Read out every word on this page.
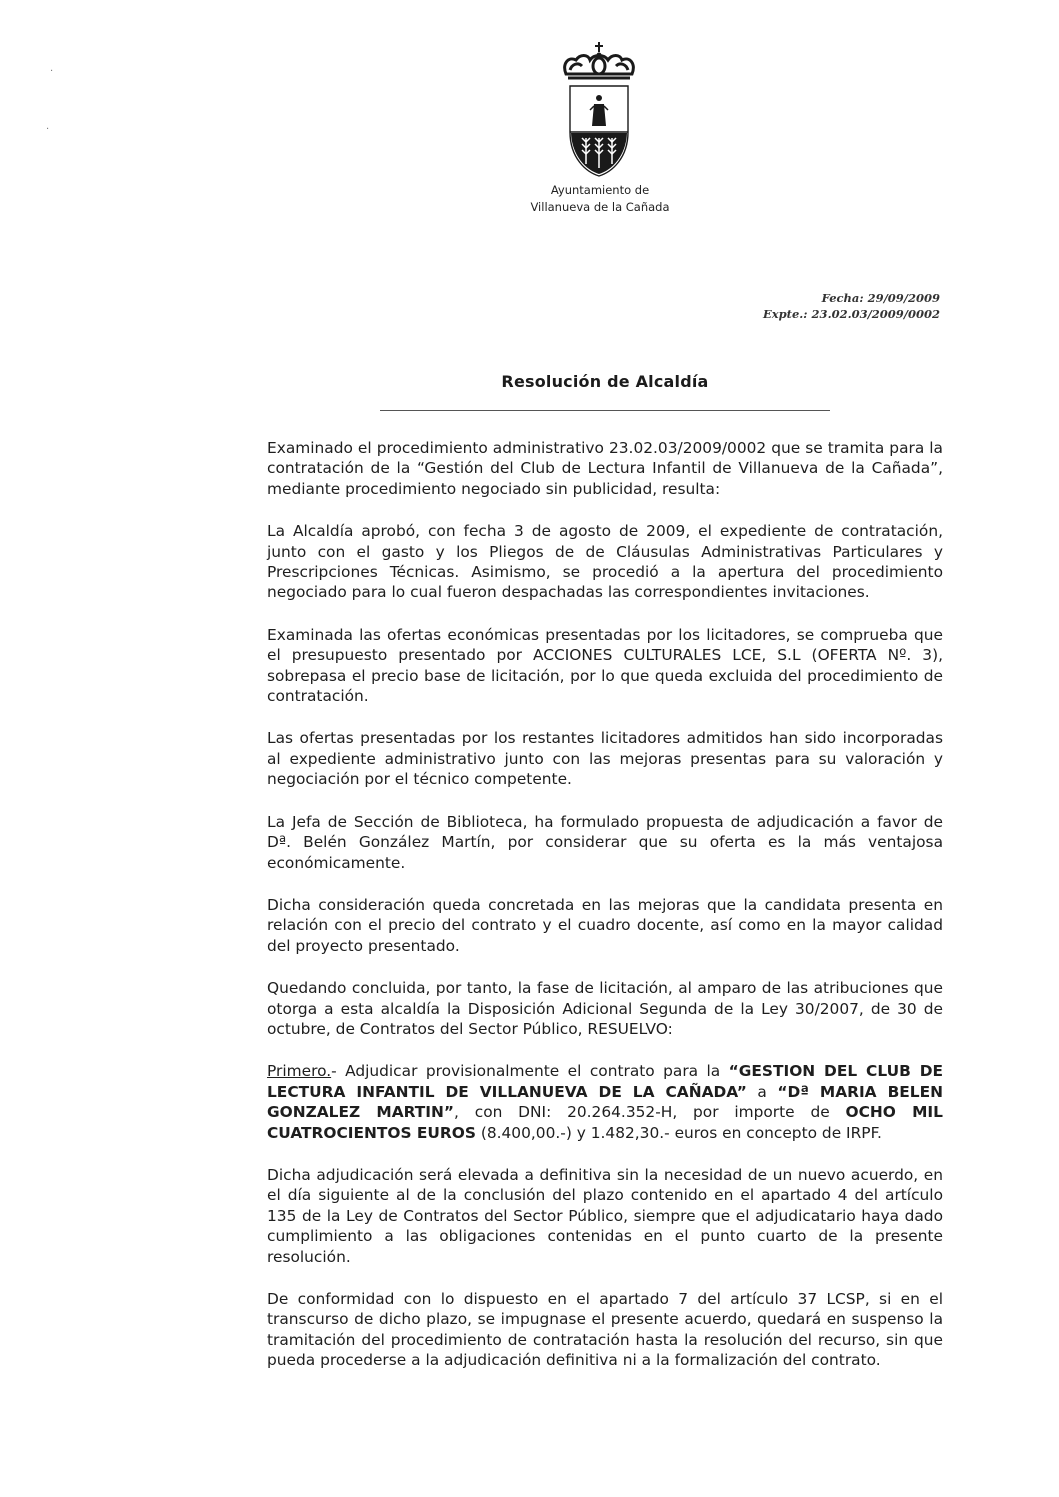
·
·
Ayuntamiento de
Villanueva de la Cañada
Fecha: 29/09/2009
Expte.: 23.02.03/2009/0002
Resolución de Alcaldía

Examinado el procedimiento administrativo 23.02.03/2009/0002 que se tramita para la contratación de la “Gestión del Club de Lectura Infantil de Villanueva de la Cañada”, mediante procedimiento negociado sin publicidad, resulta:

La Alcaldía aprobó, con fecha 3 de agosto de 2009, el expediente de contratación, junto con el gasto y los Pliegos de de Cláusulas Administrativas Particulares y Prescripciones Técnicas. Asimismo, se procedió a la apertura del procedimiento negociado para lo cual fueron despachadas las correspondientes invitaciones.

Examinada las ofertas económicas presentadas por los licitadores, se comprueba que el presupuesto presentado por ACCIONES CULTURALES LCE, S.L (OFERTA Nº. 3), sobrepasa el precio base de licitación, por lo que queda excluida del procedimiento de contratación.

Las ofertas presentadas por los restantes licitadores admitidos han sido incorporadas al expediente administrativo junto con las mejoras presentas para su valoración y negociación por el técnico competente.

La Jefa de Sección de Biblioteca, ha formulado propuesta de adjudicación a favor de Dª. Belén González Martín, por considerar que su oferta es la más ventajosa económicamente.

Dicha consideración queda concretada en las mejoras que la candidata presenta en relación con el precio del contrato y el cuadro docente, así como en la mayor calidad del proyecto presentado.

Quedando concluida, por tanto, la fase de licitación, al amparo de las atribuciones que otorga a esta alcaldía la Disposición Adicional Segunda de la Ley 30/2007, de 30 de octubre, de Contratos del Sector Público, RESUELVO:

Primero.- Adjudicar provisionalmente el contrato para la “GESTION DEL CLUB DE LECTURA INFANTIL DE VILLANUEVA DE LA CAÑADA” a “Dª MARIA BELEN GONZALEZ MARTIN”, con DNI: 20.264.352-H, por importe de OCHO MIL CUATROCIENTOS EUROS (8.400,00.-) y 1.482,30.- euros en concepto de IRPF.

Dicha adjudicación será elevada a definitiva sin la necesidad de un nuevo acuerdo, en el día siguiente al de la conclusión del plazo contenido en el apartado 4 del artículo 135 de la Ley de Contratos del Sector Público, siempre que el adjudicatario haya dado cumplimiento a las obligaciones contenidas en el punto cuarto de la presente resolución.

De conformidad con lo dispuesto en el apartado 7 del artículo 37 LCSP, si en el transcurso de dicho plazo, se impugnase el presente acuerdo, quedará en suspenso la tramitación del procedimiento de contratación hasta la resolución del recurso, sin que pueda procederse a la adjudicación definitiva ni a la formalización del contrato.
